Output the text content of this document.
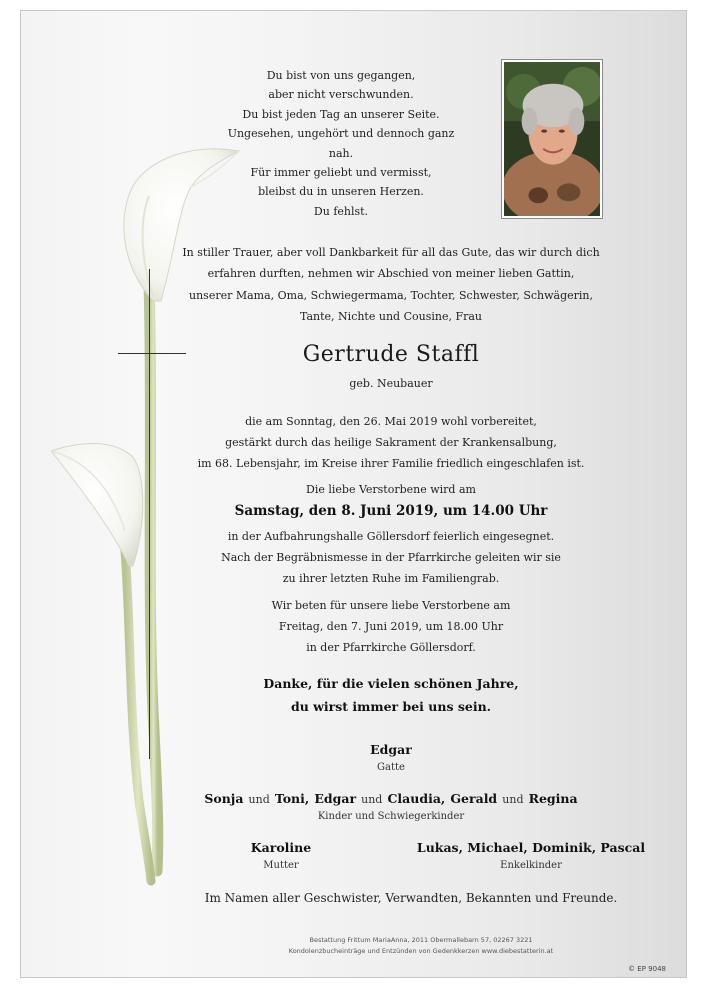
Du bist von uns gegangen,
aber nicht verschwunden.
Du bist jeden Tag an unserer Seite.
Ungesehen, ungehört und dennoch ganz nah.
Für immer geliebt und vermisst,
bleibst du in unseren Herzen.
Du fehlst.
In stiller Trauer, aber voll Dankbarkeit für all das Gute, das wir durch dich
erfahren durften, nehmen wir Abschied von meiner lieben Gattin,
unserer Mama, Oma, Schwiegermama, Tochter, Schwester, Schwägerin,
Tante, Nichte und Cousine, Frau
Gertrude Staffl
geb. Neubauer
die am Sonntag, den 26. Mai 2019 wohl vorbereitet,
gestärkt durch das heilige Sakrament der Krankensalbung,
im 68. Lebensjahr, im Kreise ihrer Familie friedlich eingeschlafen ist.
Die liebe Verstorbene wird am
Samstag, den 8. Juni 2019, um 14.00 Uhr
in der Aufbahrungshalle Göllersdorf feierlich eingesegnet.
Nach der Begräbnismesse in der Pfarrkirche geleiten wir sie
zu ihrer letzten Ruhe im Familiengrab.
Wir beten für unsere liebe Verstorbene am
Freitag, den 7. Juni 2019, um 18.00 Uhr
in der Pfarrkirche Göllersdorf.
Danke, für die vielen schönen Jahre,
du wirst immer bei uns sein.
Edgar
Gatte
Sonja und Toni, Edgar und Claudia, Gerald und Regina
Kinder und Schwiegerkinder
Karoline
Mutter
Lukas, Michael, Dominik, Pascal
Enkelkinder
Im Namen aller Geschwister, Verwandten, Bekannten und Freunde.
Bestattung Frittum MariaAnna, 2011 Obermallebarn 57, 02267 3221
Kondolenzbucheinträge und Entzünden von Gedenkkerzen www.diebestatterin.at
© EP 9048
